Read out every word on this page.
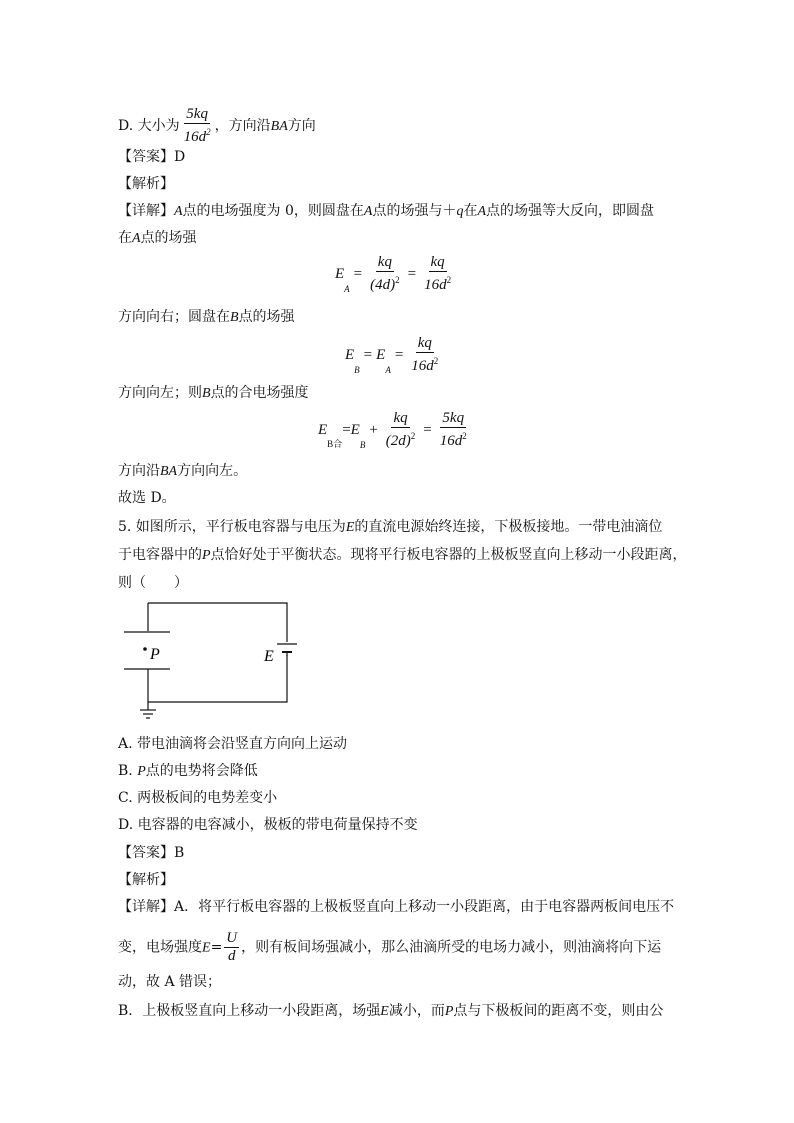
D. 大小为 $\frac{5kq}{16d^2}$ ，方向沿BA方向
【答案】D
【解析】
【详解】A点的电场强度为 0，则圆盘在A点的场强与＋q在A点的场强等大反向，即圆盘
在A点的场强
E
A
= $\frac{kq}{(4d)^2} = \frac{kq}{16d^2}$
方向向右；圆盘在B点的场强
E
B
= E
A
= $\frac{kq}{16d^2}$
方向向左；则B点的合电场强度
E
$_{B合}$
= E
B
+ $\frac{kq}{(2d)^2} = \frac{5kq}{16d^2}$
方向沿BA方向向左。
故选 D。
5. 如图所示，平行板电容器与电压为E的直流电源始终连接，下极板接地。一带电油滴位
于电容器中的P点恰好处于平衡状态。现将平行板电容器的上极板竖直向上移动一小段距离，
则（　　）
P	E
A. 带电油滴将会沿竖直方向向上运动
B. P点的电势将会降低
C. 两极板间的电势差变小
D. 电容器的电容减小，极板的带电荷量保持不变
【答案】B
【解析】
【详解】A．将平行板电容器的上极板竖直向上移动一小段距离，由于电容器两板间电压不
变，电场强度$E= \frac{U}{d}$ ，则有板间场强减小，那么油滴所受的电场力减小，则油滴将向下运
动，故 A 错误；
B．上极板竖直向上移动一小段距离，场强E减小，而P点与下极板间的距离不变，则由公
